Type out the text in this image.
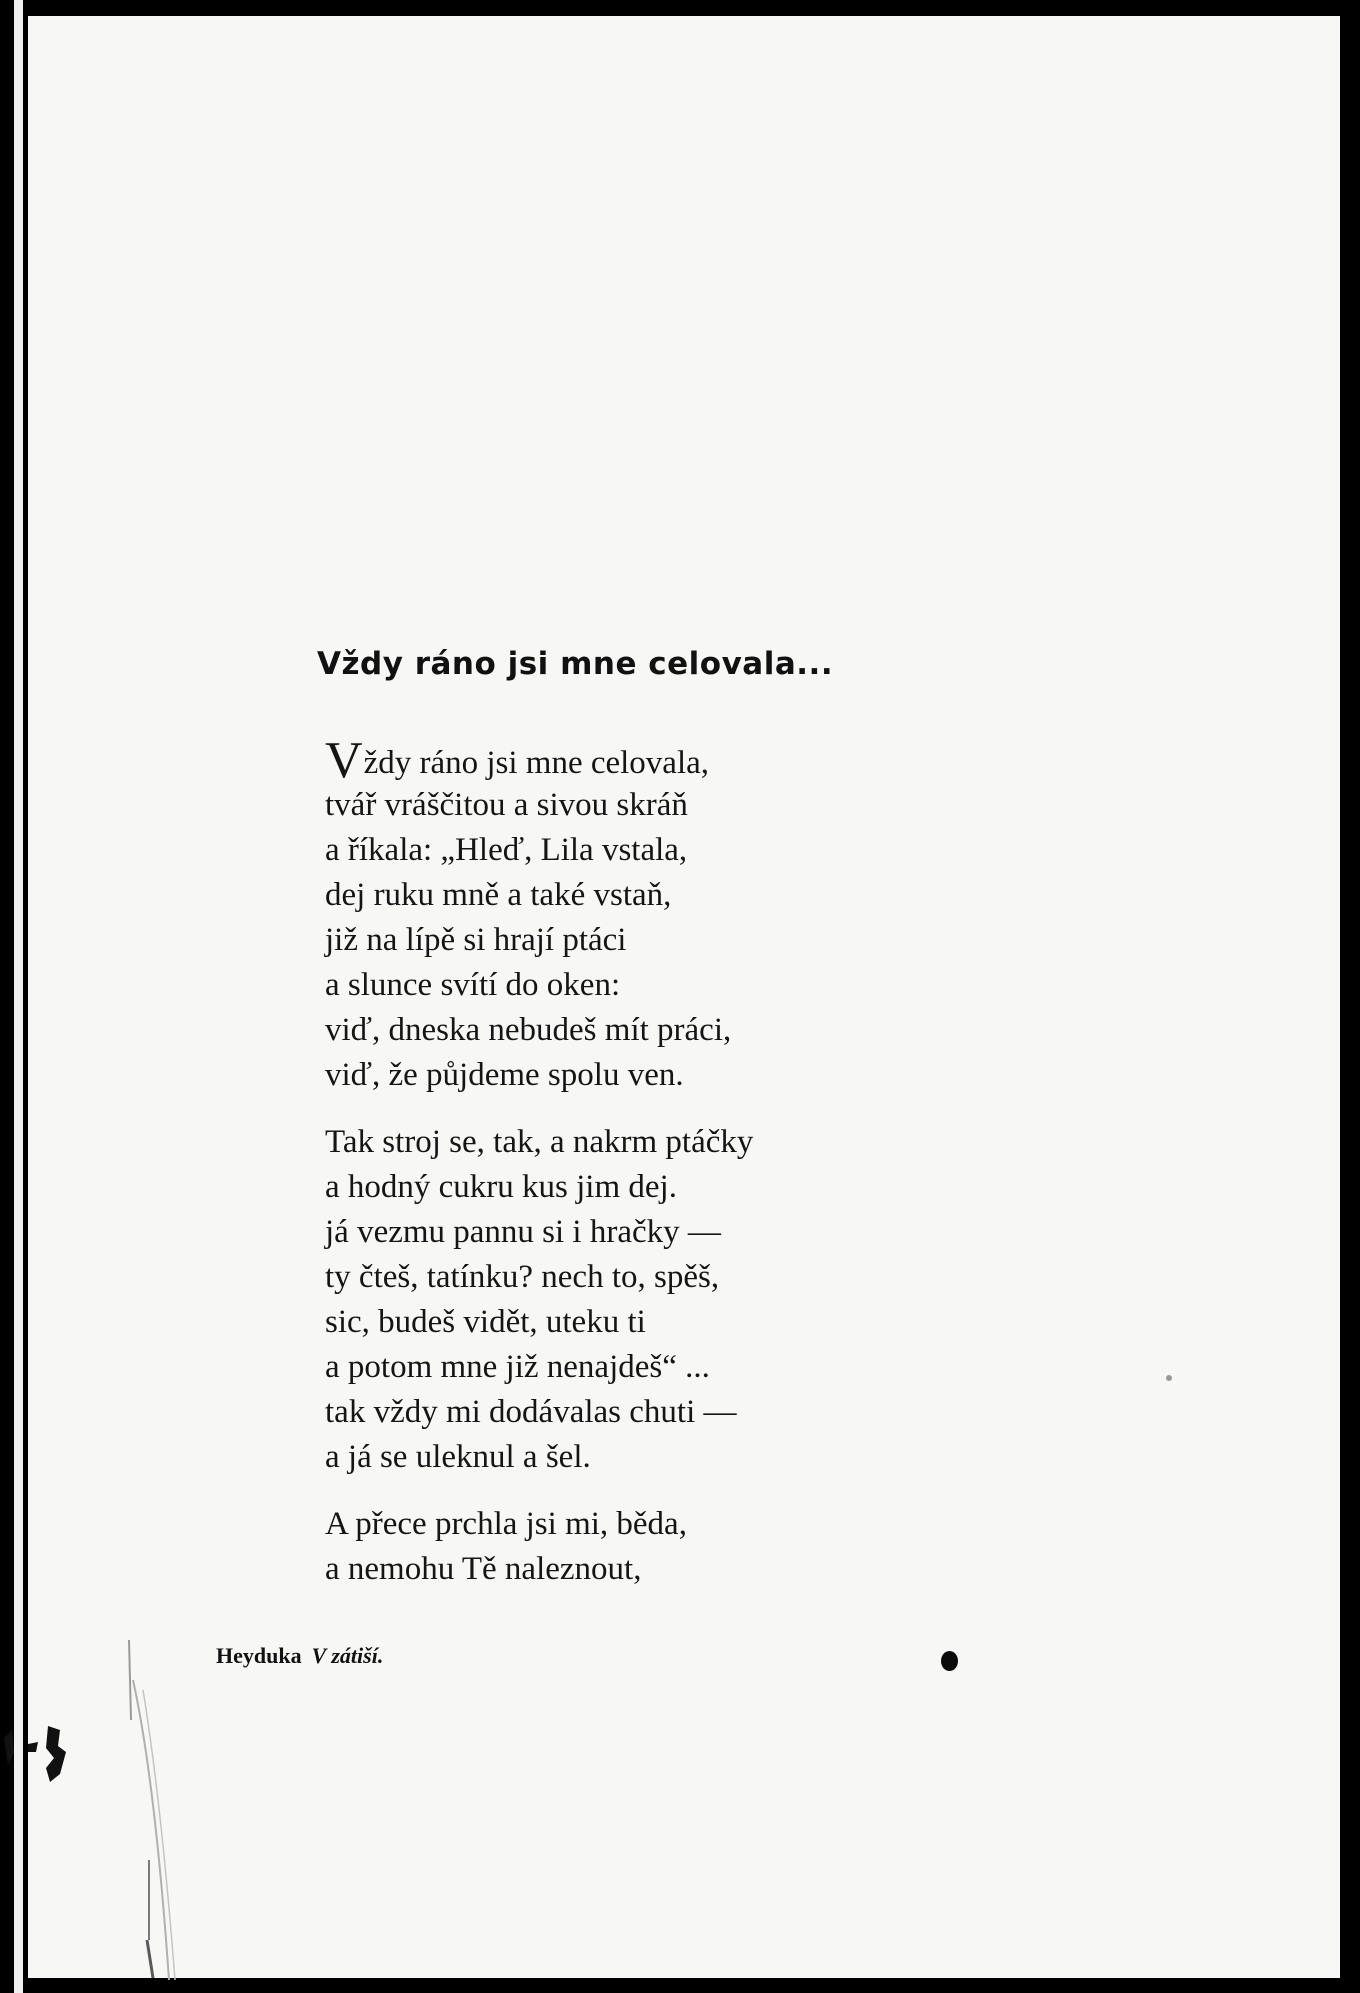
Vždy ráno jsi mne celovala...
Vždy ráno jsi mne celovala,
tvář vráščitou a sivou skráň
a říkala: „Hleď, Lila vstala,
dej ruku mně a také vstaň,
již na lípě si hrají ptáci
a slunce svítí do oken:
viď, dneska nebudeš mít práci,
viď, že půjdeme spolu ven.
Tak stroj se, tak, a nakrm ptáčky
a hodný cukru kus jim dej.
já vezmu pannu si i hračky —
ty čteš, tatínku? nech to, spěš,
sic, budeš vidět, uteku ti
a potom mne již nenajdeš“ ...
tak vždy mi dodávalas chuti —
a já se uleknul a šel.
A přece prchla jsi mi, běda,
a nemohu Tě naleznout,
Heyduka V zátiší.
